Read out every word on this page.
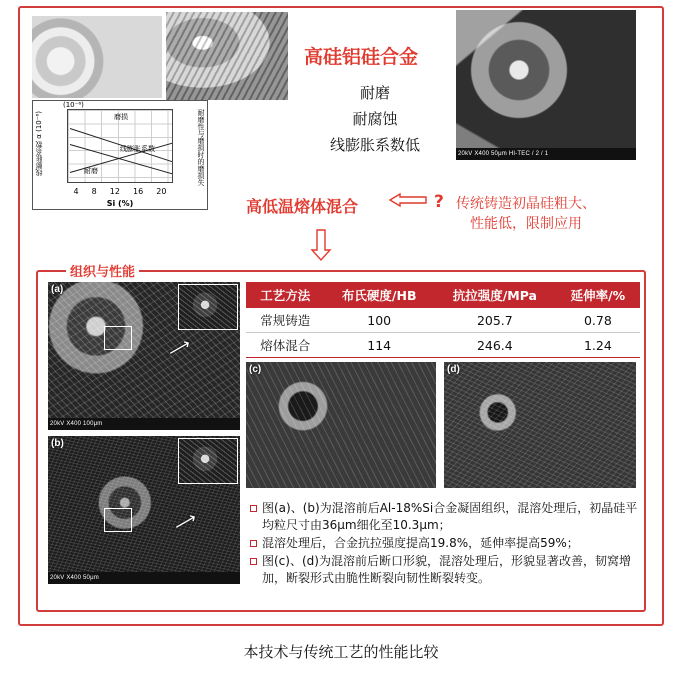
20kV X400 50μm HI-TEC / 2 / 1
(10⁻⁶)
线膨胀系数 α (10⁻⁶)	耐磨性与磨损时的磨损失
磨损
线膨胀系数
耐磨
4 8 12 16 20
Si (%)
高硅铝硅合金
耐磨
耐腐蚀
线膨胀系数低
高低温熔体混合	? 传统铸造初晶硅粗大、
性能低，限制应用
组织与性能
(a)
⟶
20kV X400 100μm
(b)
⟶
20kV X400 50μm
工艺方法	布氏硬度/HB	抗拉强度/MPa	延伸率/%
常规铸造	100	205.7	0.78
熔体混合	114	246.4	1.24
(c)	(d)
图(a)、(b)为混溶前后Al-18%Si合金凝固组织，混溶处理后，初晶硅平均粒尺寸由36μm细化至10.3μm；
混溶处理后，合金抗拉强度提高19.8%，延伸率提高59%；
图(c)、(d)为混溶前后断口形貌，混溶处理后，形貌显著改善，韧窝增加，断裂形式由脆性断裂向韧性断裂转变。
本技术与传统工艺的性能比较
